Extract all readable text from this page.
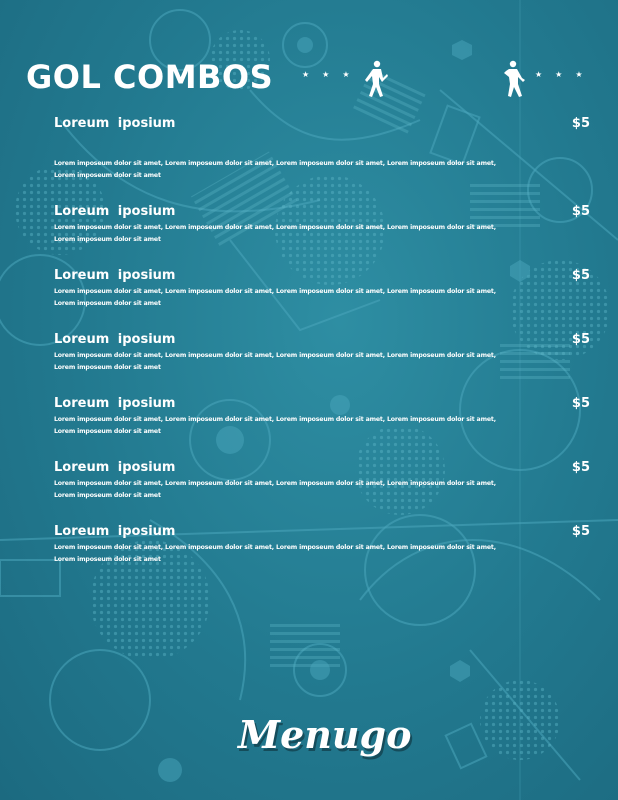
GOL COMBOS	★★★	★★★
Loreum iposium	$5
Lorem imposeum dolor sit amet, Lorem imposeum dolor sit amet, Lorem imposeum dolor sit amet, Lorem imposeum dolor sit amet,
Lorem imposeum dolor sit amet
Loreum iposium	$5
Lorem imposeum dolor sit amet, Lorem imposeum dolor sit amet, Lorem imposeum dolor sit amet, Lorem imposeum dolor sit amet,
Lorem imposeum dolor sit amet
Loreum iposium	$5
Lorem imposeum dolor sit amet, Lorem imposeum dolor sit amet, Lorem imposeum dolor sit amet, Lorem imposeum dolor sit amet,
Lorem imposeum dolor sit amet
Loreum iposium	$5
Lorem imposeum dolor sit amet, Lorem imposeum dolor sit amet, Lorem imposeum dolor sit amet, Lorem imposeum dolor sit amet,
Lorem imposeum dolor sit amet
Loreum iposium	$5
Lorem imposeum dolor sit amet, Lorem imposeum dolor sit amet, Lorem imposeum dolor sit amet, Lorem imposeum dolor sit amet,
Lorem imposeum dolor sit amet
Loreum iposium	$5
Lorem imposeum dolor sit amet, Lorem imposeum dolor sit amet, Lorem imposeum dolor sit amet, Lorem imposeum dolor sit amet,
Lorem imposeum dolor sit amet
Loreum iposium	$5
Lorem imposeum dolor sit amet, Lorem imposeum dolor sit amet, Lorem imposeum dolor sit amet, Lorem imposeum dolor sit amet,
Lorem imposeum dolor sit amet
Menugo
